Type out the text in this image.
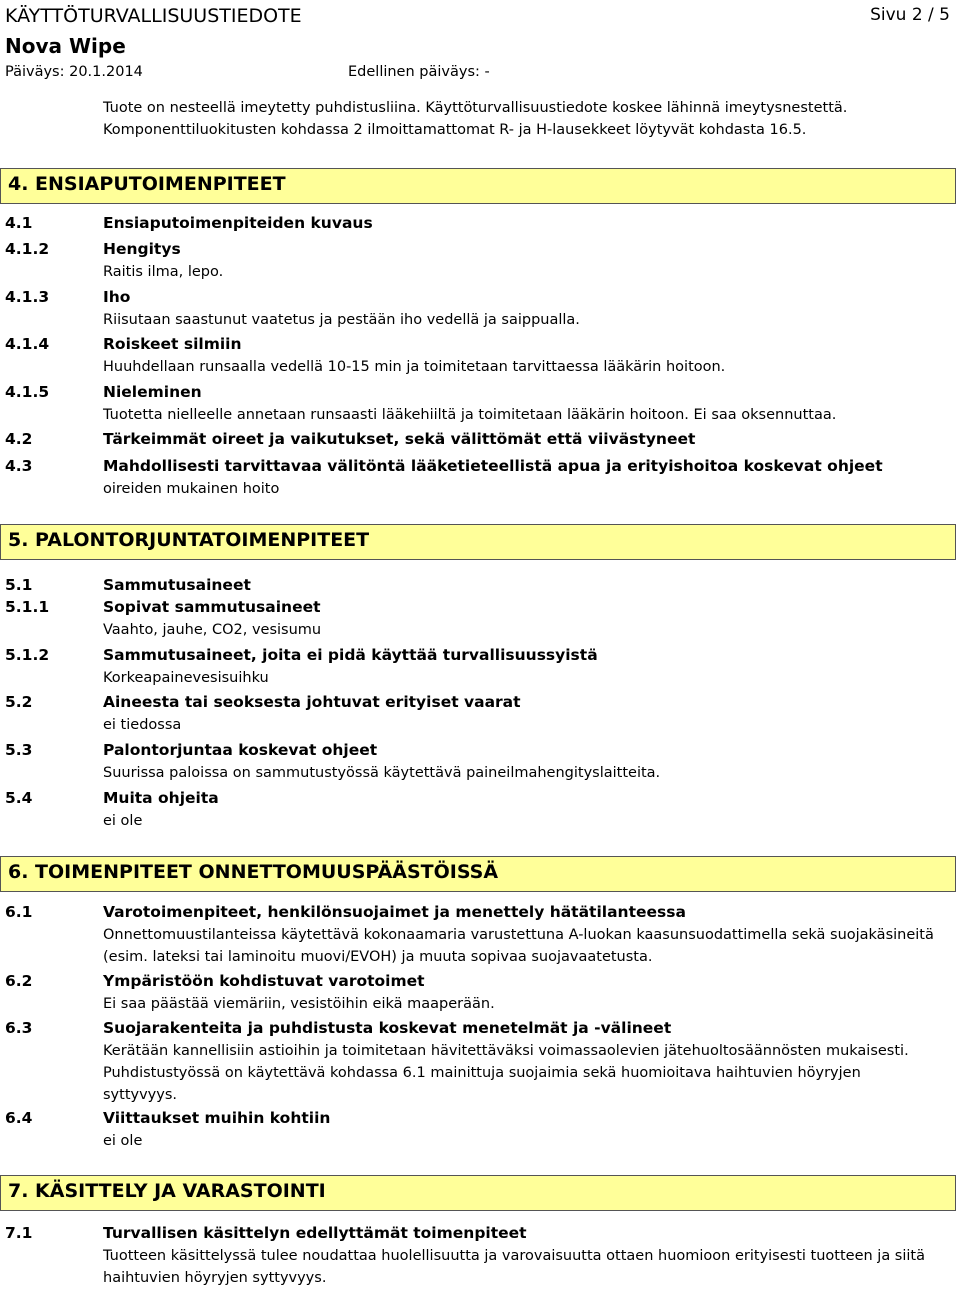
KÄYTTÖTURVALLISUUSTIEDOTE	Sivu 2 / 5
Nova Wipe
Päiväys: 20.1.2014	Edellinen päiväys: -
Tuote on nesteellä imeytetty puhdistusliina. Käyttöturvallisuustiedote koskee lähinnä imeytysnestettä.
Komponenttiluokitusten kohdassa 2 ilmoittamattomat R- ja H-lausekkeet löytyvät kohdasta 16.5.
4. ENSIAPUTOIMENPITEET
4.1	Ensiaputoimenpiteiden kuvaus
4.1.2	Hengitys
Raitis ilma, lepo.
4.1.3	Iho
Riisutaan saastunut vaatetus ja pestään iho vedellä ja saippualla.
4.1.4	Roiskeet silmiin
Huuhdellaan runsaalla vedellä 10-15 min ja toimitetaan tarvittaessa lääkärin hoitoon.
4.1.5	Nieleminen
Tuotetta nielleelle annetaan runsaasti lääkehiiltä ja toimitetaan lääkärin hoitoon. Ei saa oksennuttaa.
4.2	Tärkeimmät oireet ja vaikutukset, sekä välittömät että viivästyneet
4.3	Mahdollisesti tarvittavaa välitöntä lääketieteellistä apua ja erityishoitoa koskevat ohjeet
oireiden mukainen hoito
5. PALONTORJUNTATOIMENPITEET
5.1	Sammutusaineet
5.1.1	Sopivat sammutusaineet
Vaahto, jauhe, CO2, vesisumu
5.1.2	Sammutusaineet, joita ei pidä käyttää turvallisuussyistä
Korkeapainevesisuihku
5.2	Aineesta tai seoksesta johtuvat erityiset vaarat
ei tiedossa
5.3	Palontorjuntaa koskevat ohjeet
Suurissa paloissa on sammutustyössä käytettävä paineilmahengityslaitteita.
5.4	Muita ohjeita
ei ole
6. TOIMENPITEET ONNETTOMUUSPÄÄSTÖISSÄ
6.1	Varotoimenpiteet, henkilönsuojaimet ja menettely hätätilanteessa
Onnettomuustilanteissa käytettävä kokonaamaria varustettuna A-luokan kaasunsuodattimella sekä suojakäsineitä
(esim. lateksi tai laminoitu muovi/EVOH) ja muuta sopivaa suojavaatetusta.
6.2	Ympäristöön kohdistuvat varotoimet
Ei saa päästää viemäriin, vesistöihin eikä maaperään.
6.3	Suojarakenteita ja puhdistusta koskevat menetelmät ja -välineet
Kerätään kannellisiin astioihin ja toimitetaan hävitettäväksi voimassaolevien jätehuoltosäännösten mukaisesti.
Puhdistustyössä on käytettävä kohdassa 6.1 mainittuja suojaimia sekä huomioitava haihtuvien höyryjen
syttyvyys.
6.4	Viittaukset muihin kohtiin
ei ole
7. KÄSITTELY JA VARASTOINTI
7.1	Turvallisen käsittelyn edellyttämät toimenpiteet
Tuotteen käsittelyssä tulee noudattaa huolellisuutta ja varovaisuutta ottaen huomioon erityisesti tuotteen ja siitä
haihtuvien höyryjen syttyvyys.
